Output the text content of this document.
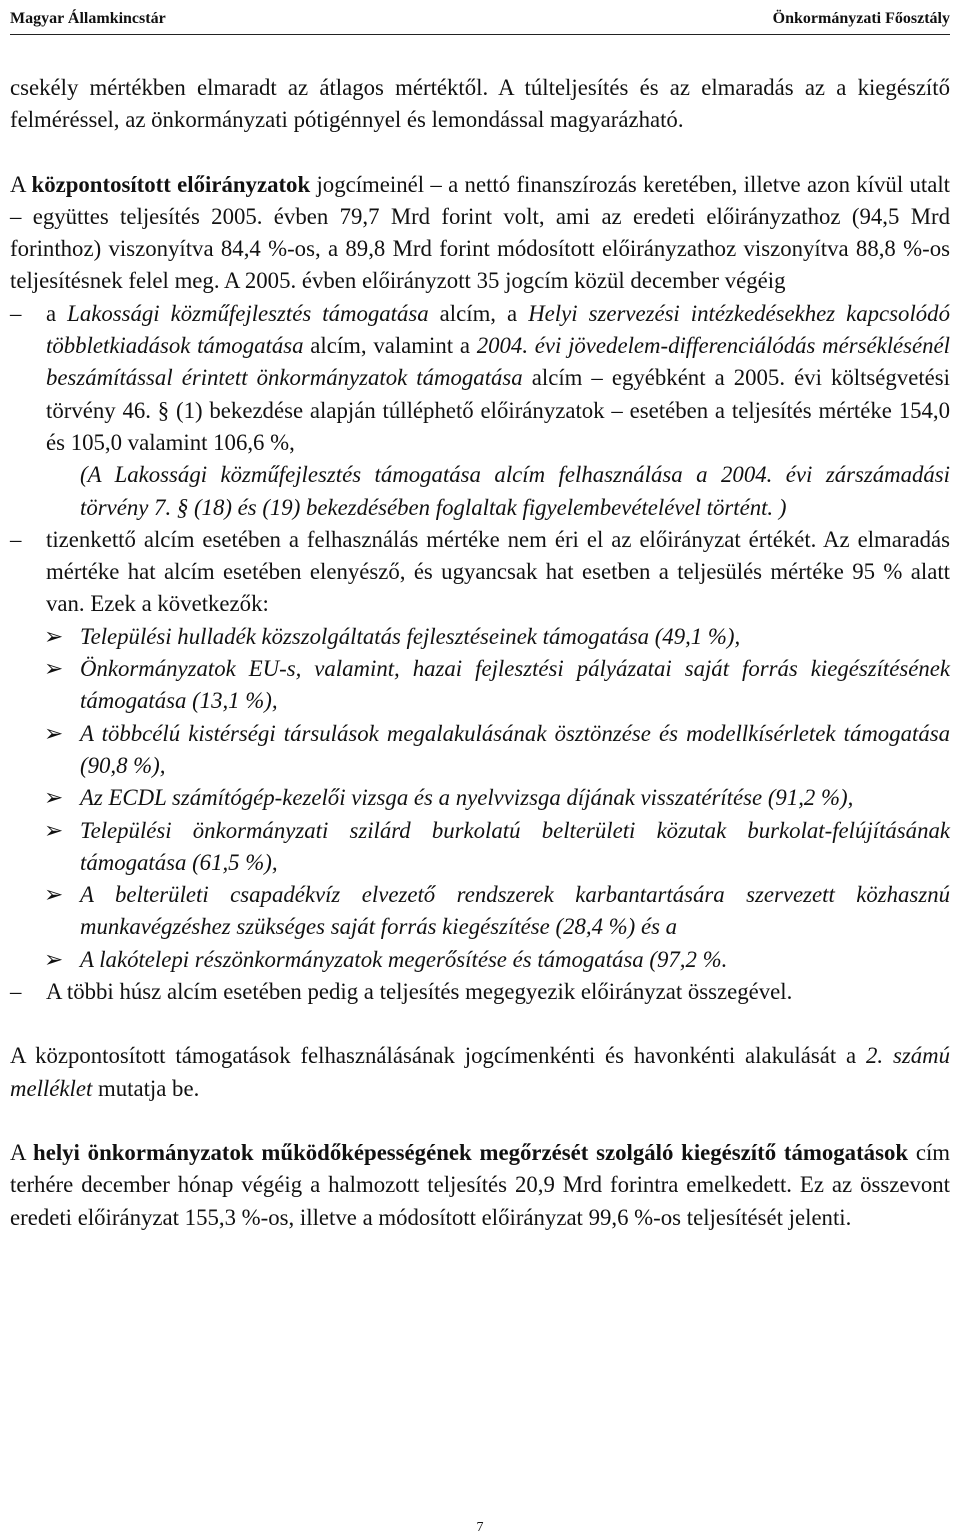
Magyar Államkincstár	Önkormányzati Főosztály

csekély mértékben elmaradt az átlagos mértéktől. A túlteljesítés és az elmaradás az a kiegészítő felméréssel, az önkormányzati pótigénnyel és lemondással magyarázható.

A központosított előirányzatok jogcímeinél – a nettó finanszírozás keretében, illetve azon kívül utalt – együttes teljesítés 2005. évben 79,7 Mrd forint volt, ami az eredeti előirányzathoz (94,5 Mrd forinthoz) viszonyítva 84,4 %-os, a 89,8 Mrd forint módosított előirányzathoz viszonyítva 88,8 %-os teljesítésnek felel meg. A 2005. évben előirányzott 35 jogcím közül december végéig

–	a Lakossági közműfejlesztés támogatása alcím, a Helyi szervezési intézkedésekhez kapcsolódó többletkiadások támogatása alcím, valamint a 2004. évi jövedelem-differenciálódás mérséklésénél beszámítással érintett önkormányzatok támogatása alcím – egyébként a 2005. évi költségvetési törvény 46. § (1) bekezdése alapján túlléphető előirányzatok – esetében a teljesítés mértéke 154,0 és 105,0 valamint 106,6 %,

(A Lakossági közműfejlesztés támogatása alcím felhasználása a 2004. évi zárszámadási törvény 7. § (18) és (19) bekezdésében foglaltak figyelembevételével történt. )

–	tizenkettő alcím esetében a felhasználás mértéke nem éri el az előirányzat értékét. Az elmaradás mértéke hat alcím esetében elenyésző, és ugyancsak hat esetben a teljesülés mértéke 95 % alatt van. Ezek a következők:
➢ Települési hulladék közszolgáltatás fejlesztéseinek támogatása (49,1 %),
➢ Önkormányzatok EU-s, valamint, hazai fejlesztési pályázatai saját forrás kiegészítésének támogatása (13,1 %),
➢ A többcélú kistérségi társulások megalakulásának ösztönzése és modellkísérletek támogatása (90,8 %),
➢ Az ECDL számítógép-kezelői vizsga és a nyelvvizsga díjának visszatérítése (91,2 %),
➢ Települési önkormányzati szilárd burkolatú belterületi közutak burkolat-felújításának támogatása (61,5 %),
➢ A belterületi csapadékvíz elvezető rendszerek karbantartására szervezett közhasznú munkavégzéshez szükséges saját forrás kiegészítése (28,4 %) és a
➢ A lakótelepi részönkormányzatok megerősítése és támogatása (97,2 %.
–	A többi húsz alcím esetében pedig a teljesítés megegyezik előirányzat összegével.

A központosított támogatások felhasználásának jogcímenkénti és havonkénti alakulását a 2. számú melléklet mutatja be.

A helyi önkormányzatok működőképességének megőrzését szolgáló kiegészítő támogatások cím terhére december hónap végéig a halmozott teljesítés 20,9 Mrd forintra emelkedett. Ez az összevont eredeti előirányzat 155,3 %-os, illetve a módosított előirányzat 99,6 %-os teljesítését jelenti.

7
